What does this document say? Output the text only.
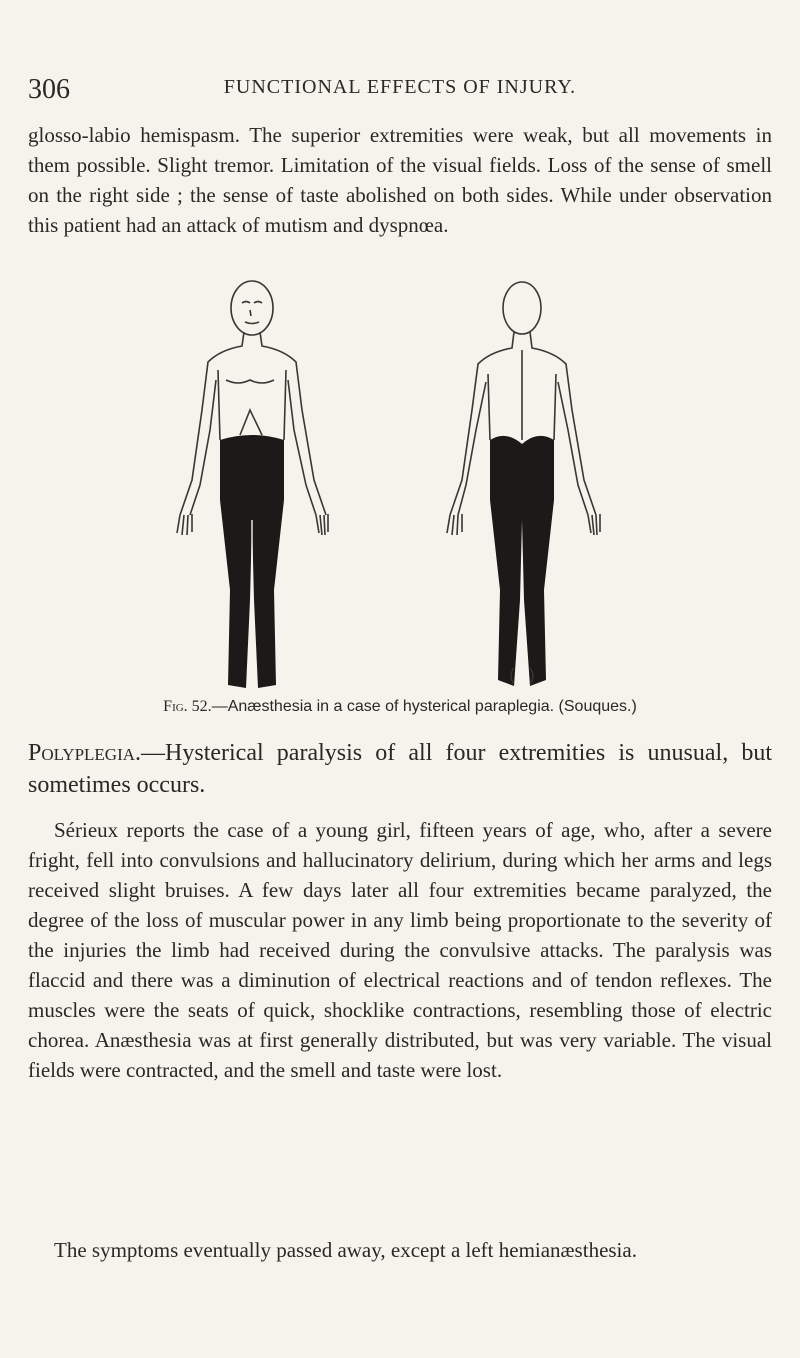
306	FUNCTIONAL EFFECTS OF INJURY.

glosso-labio hemispasm. The superior extremities were weak, but all movements in them possible. Slight tremor. Limitation of the visual fields. Loss of the sense of smell on the right side ; the sense of taste abolished on both sides. While under observation this patient had an attack of mutism and dyspnœa.

Fig. 52.—Anæsthesia in a case of hysterical paraplegia. (Souques.)

Polyplegia.—Hysterical paralysis of all four extremities is unusual, but sometimes occurs.

Sérieux reports the case of a young girl, fifteen years of age, who, after a severe fright, fell into convulsions and hallucinatory delirium, during which her arms and legs received slight bruises. A few days later all four extremities became paralyzed, the degree of the loss of muscular power in any limb being proportionate to the severity of the injuries the limb had received during the convulsive attacks. The paralysis was flaccid and there was a diminution of electrical reactions and of tendon reflexes. The muscles were the seats of quick, shocklike contractions, resembling those of electric chorea. Anæsthesia was at first generally distributed, but was very variable. The visual fields were contracted, and the smell and taste were lost.

The symptoms eventually passed away, except a left hemianæsthesia.
